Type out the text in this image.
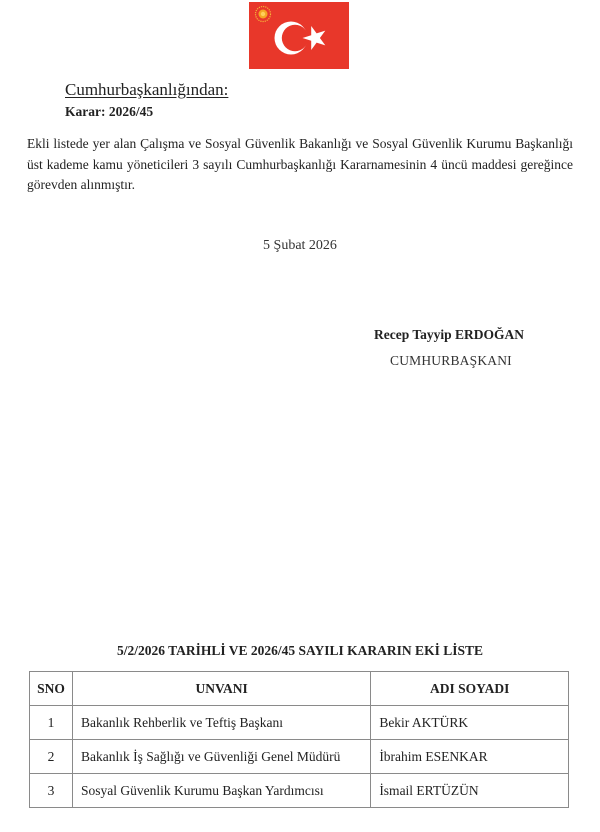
Cumhurbaşkanlığından:
Karar: 2026/45
Ekli listede yer alan Çalışma ve Sosyal Güvenlik Bakanlığı ve Sosyal Güvenlik Kurumu Başkanlığı üst kademe kamu yöneticileri 3 sayılı Cumhurbaşkanlığı Kararnamesinin 4 üncü maddesi gereğince görevden alınmıştır.
5 Şubat 2026
Recep Tayyip ERDOĞAN
CUMHURBAŞKANI
5/2/2026 TARİHLİ VE 2026/45 SAYILI KARARIN EKİ LİSTE
SNO	UNVANI	ADI SOYADI
1	Bakanlık Rehberlik ve Teftiş Başkanı	Bekir AKTÜRK
2	Bakanlık İş Sağlığı ve Güvenliği Genel Müdürü	İbrahim ESENKAR
3	Sosyal Güvenlik Kurumu Başkan Yardımcısı	İsmail ERTÜZÜN
